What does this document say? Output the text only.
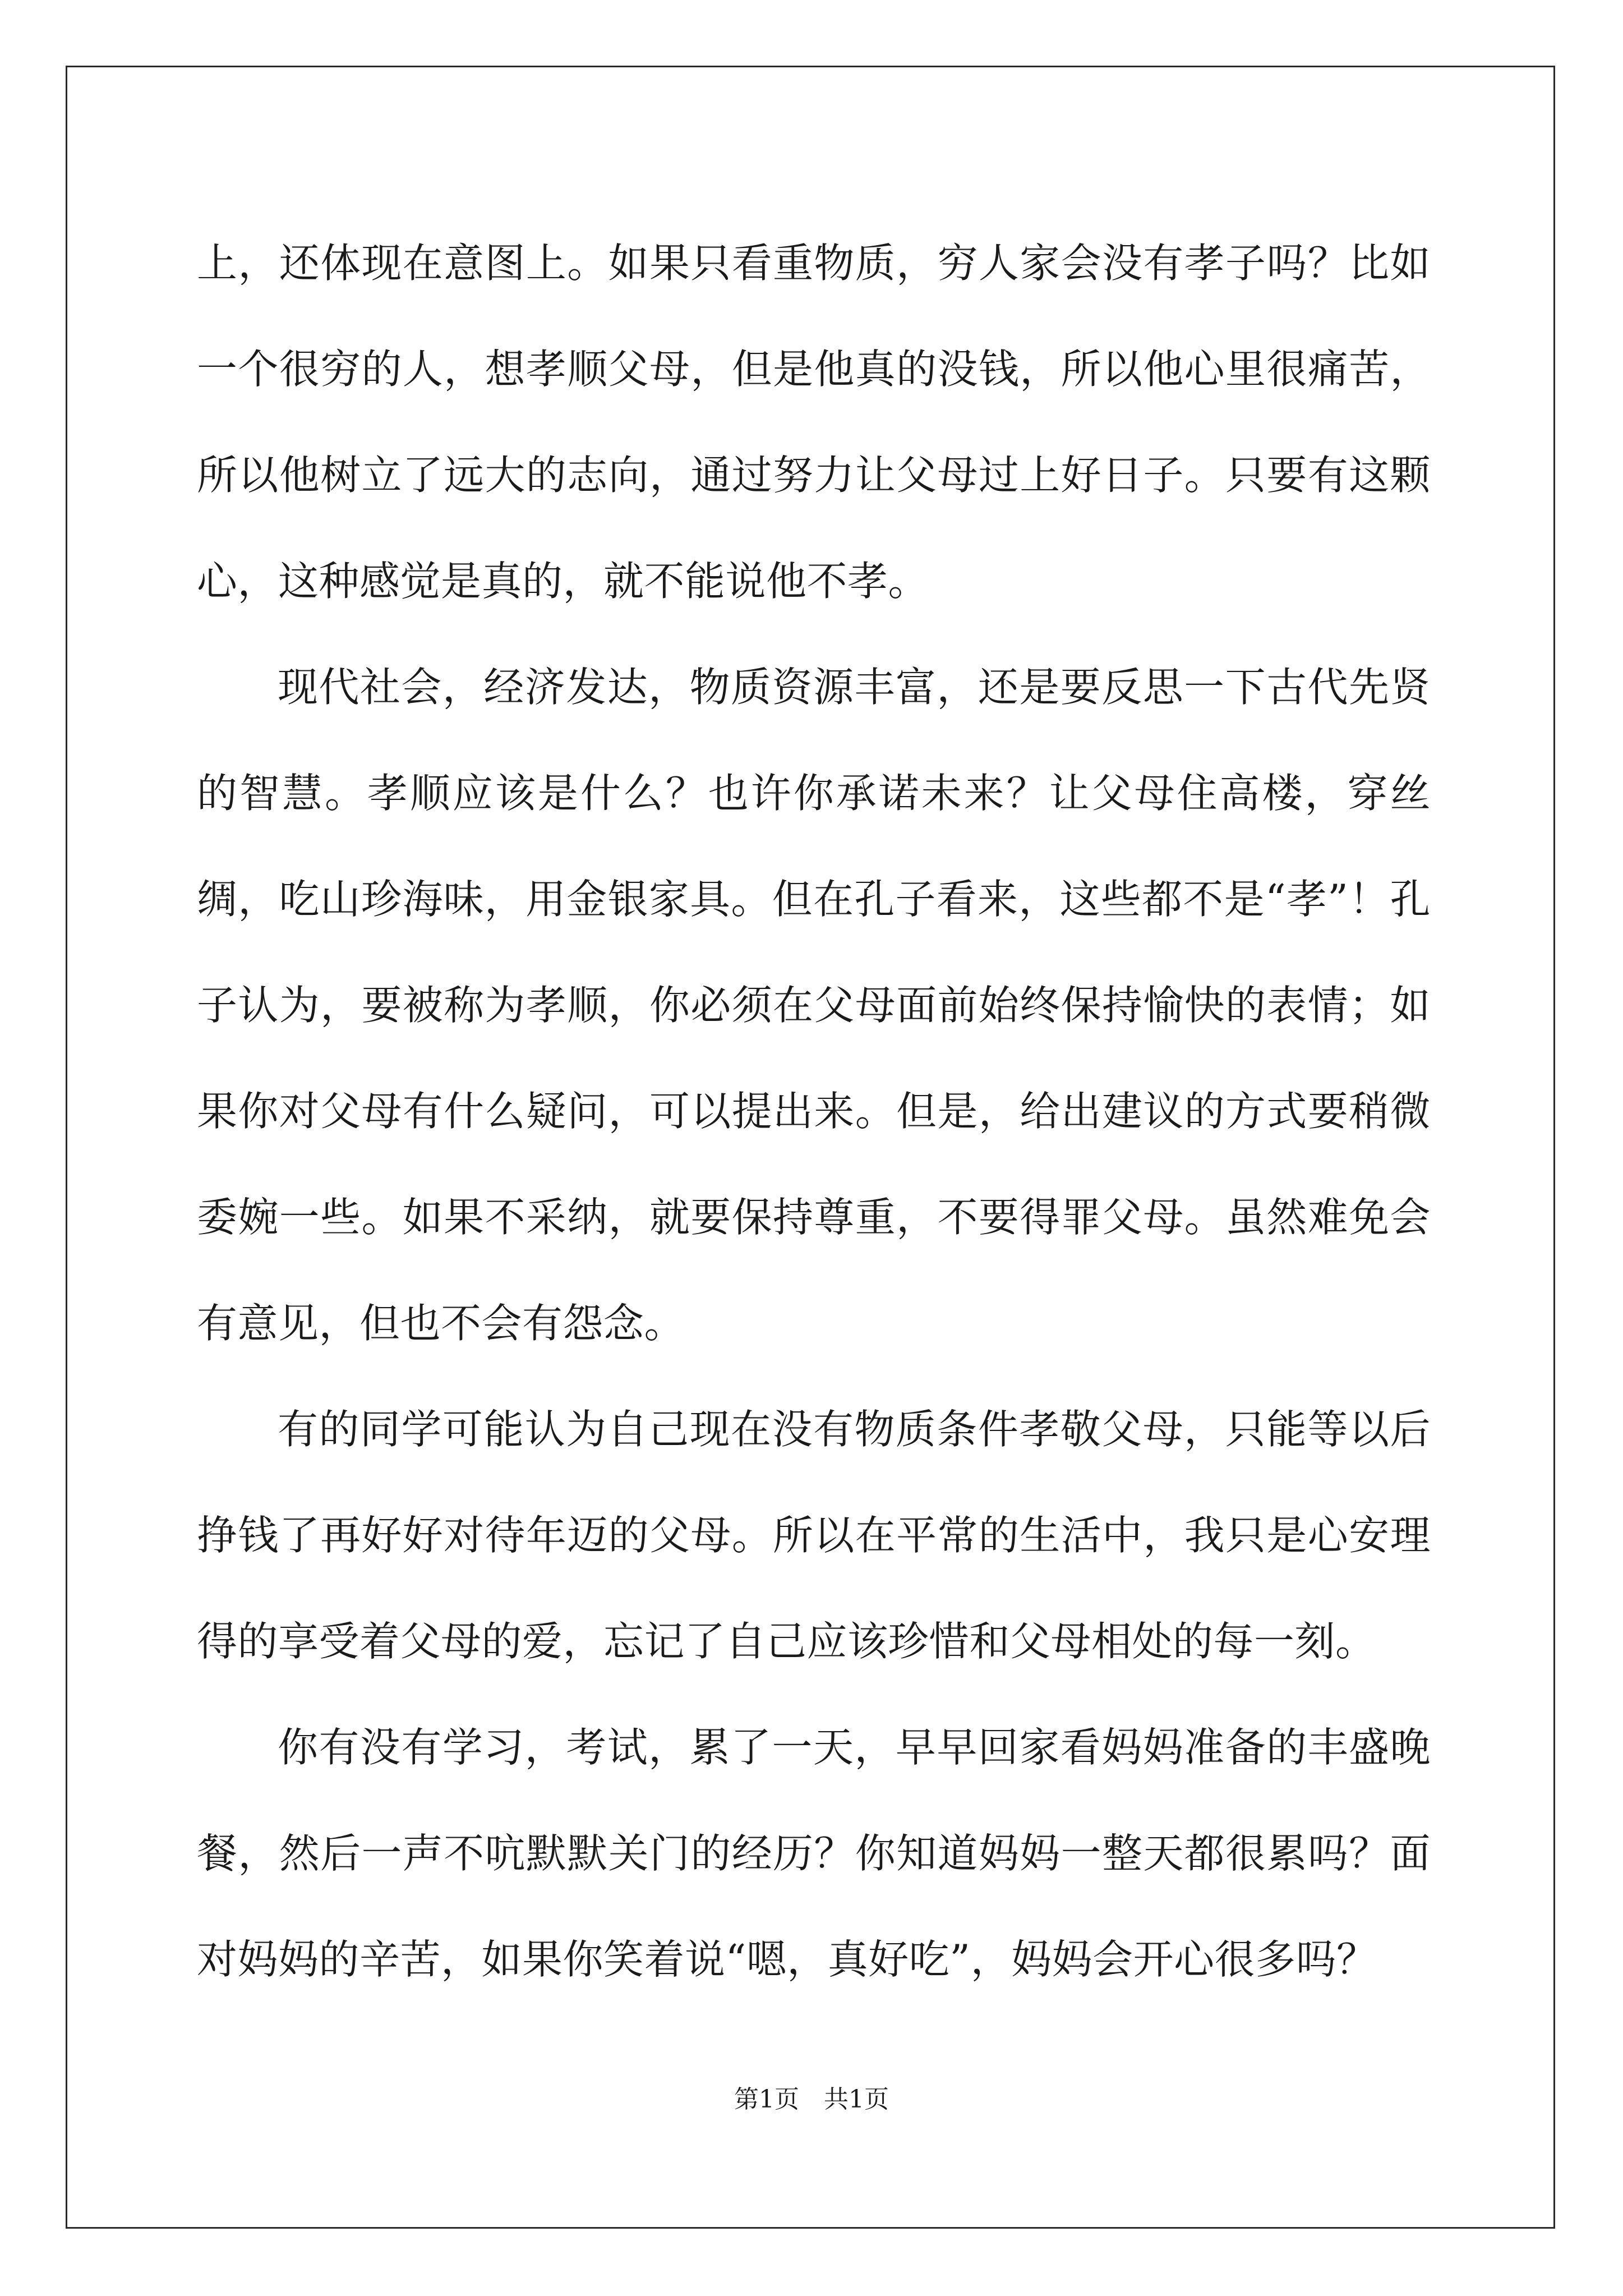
上，还体现在意图上。如果只看重物质，穷人家会没有孝子吗？比如一个很穷的人，想孝顺父母，但是他真的没钱，所以他心里很痛苦，所以他树立了远大的志向，通过努力让父母过上好日子。只要有这颗心，这种感觉是真的，就不能说他不孝。

现代社会，经济发达，物质资源丰富，还是要反思一下古代先贤的智慧。孝顺应该是什么？也许你承诺未来？让父母住高楼，穿丝绸，吃山珍海味，用金银家具。但在孔子看来，这些都不是“孝”！孔子认为，要被称为孝顺，你必须在父母面前始终保持愉快的表情；如果你对父母有什么疑问，可以提出来。但是，给出建议的方式要稍微委婉一些。如果不采纳，就要保持尊重，不要得罪父母。虽然难免会有意见，但也不会有怨念。

有的同学可能认为自己现在没有物质条件孝敬父母，只能等以后挣钱了再好好对待年迈的父母。所以在平常的生活中，我只是心安理得的享受着父母的爱，忘记了自己应该珍惜和父母相处的每一刻。

你有没有学习，考试，累了一天，早早回家看妈妈准备的丰盛晚餐，然后一声不吭默默关门的经历？你知道妈妈一整天都很累吗？面对妈妈的辛苦，如果你笑着说“嗯，真好吃”，妈妈会开心很多吗？

第1页　共1页
